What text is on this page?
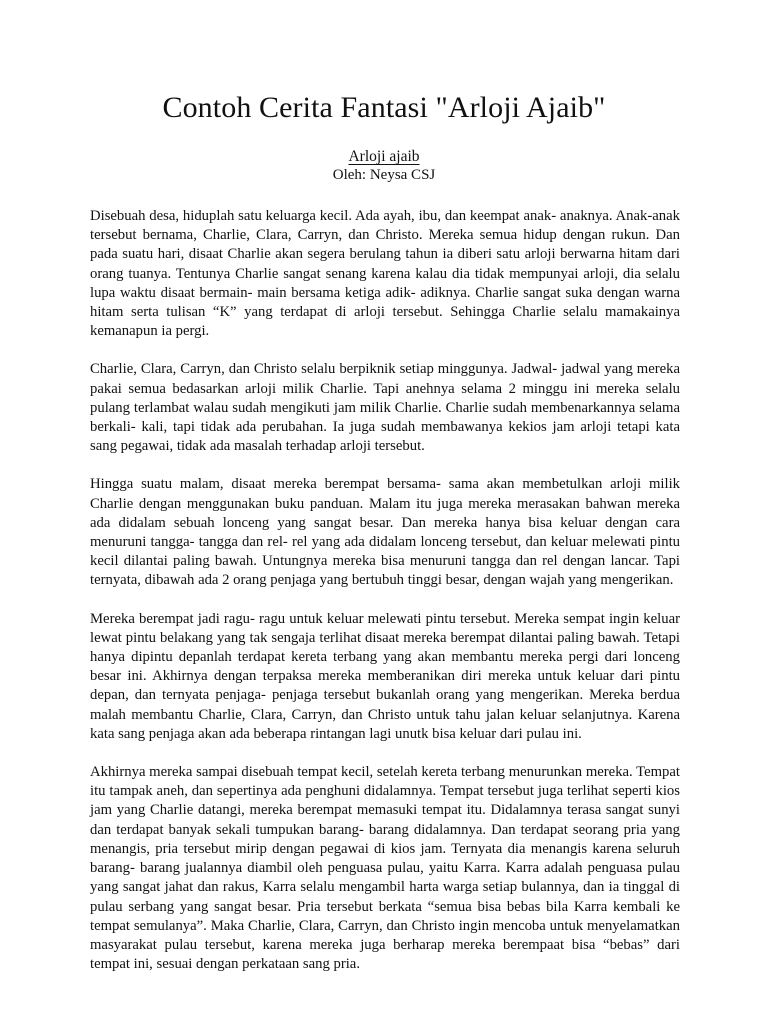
Contoh Cerita Fantasi "Arloji Ajaib"
Arloji ajaib
Oleh: Neysa CSJ

Disebuah desa, hiduplah satu keluarga kecil. Ada ayah, ibu, dan keempat anak- anaknya. Anak-anak tersebut bernama, Charlie, Clara, Carryn, dan Christo. Mereka semua hidup dengan rukun. Dan pada suatu hari, disaat Charlie akan segera berulang tahun ia diberi satu arloji berwarna hitam dari orang tuanya. Tentunya Charlie sangat senang karena kalau dia tidak mempunyai arloji, dia selalu lupa waktu disaat bermain- main bersama ketiga adik- adiknya. Charlie sangat suka dengan warna hitam serta tulisan “K” yang terdapat di arloji tersebut. Sehingga Charlie selalu mamakainya kemanapun ia pergi.

Charlie, Clara, Carryn, dan Christo selalu berpiknik setiap minggunya. Jadwal- jadwal yang mereka pakai semua bedasarkan arloji milik Charlie. Tapi anehnya selama 2 minggu ini mereka selalu pulang terlambat walau sudah mengikuti jam milik Charlie. Charlie sudah membenarkannya selama berkali- kali, tapi tidak ada perubahan. Ia juga sudah membawanya kekios jam arloji tetapi kata sang pegawai, tidak ada masalah terhadap arloji tersebut.

Hingga suatu malam, disaat mereka berempat bersama- sama akan membetulkan arloji milik Charlie dengan menggunakan buku panduan. Malam itu juga mereka merasakan bahwan mereka ada didalam sebuah lonceng yang sangat besar. Dan mereka hanya bisa keluar dengan cara menuruni tangga- tangga dan rel- rel yang ada didalam lonceng tersebut, dan keluar melewati pintu kecil dilantai paling bawah. Untungnya mereka bisa menuruni tangga dan rel dengan lancar. Tapi ternyata, dibawah ada 2 orang penjaga yang bertubuh tinggi besar, dengan wajah yang mengerikan.

Mereka berempat jadi ragu- ragu untuk keluar melewati pintu tersebut. Mereka sempat ingin keluar lewat pintu belakang yang tak sengaja terlihat disaat mereka berempat dilantai paling bawah. Tetapi hanya dipintu depanlah terdapat kereta terbang yang akan membantu mereka pergi dari lonceng besar ini. Akhirnya dengan terpaksa mereka memberanikan diri mereka untuk keluar dari pintu depan, dan ternyata penjaga- penjaga tersebut bukanlah orang yang mengerikan. Mereka berdua malah membantu Charlie, Clara, Carryn, dan Christo untuk tahu jalan keluar selanjutnya. Karena kata sang penjaga akan ada beberapa rintangan lagi unutk bisa keluar dari pulau ini.

Akhirnya mereka sampai disebuah tempat kecil, setelah kereta terbang menurunkan mereka. Tempat itu tampak aneh, dan sepertinya ada penghuni didalamnya. Tempat tersebut juga terlihat seperti kios jam yang Charlie datangi, mereka berempat memasuki tempat itu. Didalamnya terasa sangat sunyi dan terdapat banyak sekali tumpukan barang- barang didalamnya. Dan terdapat seorang pria yang menangis, pria tersebut mirip dengan pegawai di kios jam. Ternyata dia menangis karena seluruh barang- barang jualannya diambil oleh penguasa pulau, yaitu Karra. Karra adalah penguasa pulau yang sangat jahat dan rakus, Karra selalu mengambil harta warga setiap bulannya, dan ia tinggal di pulau serbang yang sangat besar. Pria tersebut berkata “semua bisa bebas bila Karra kembali ke tempat semulanya”. Maka Charlie, Clara, Carryn, dan Christo ingin mencoba untuk menyelamatkan masyarakat pulau tersebut, karena mereka juga berharap mereka berempaat bisa “bebas” dari tempat ini, sesuai dengan perkataan sang pria.
